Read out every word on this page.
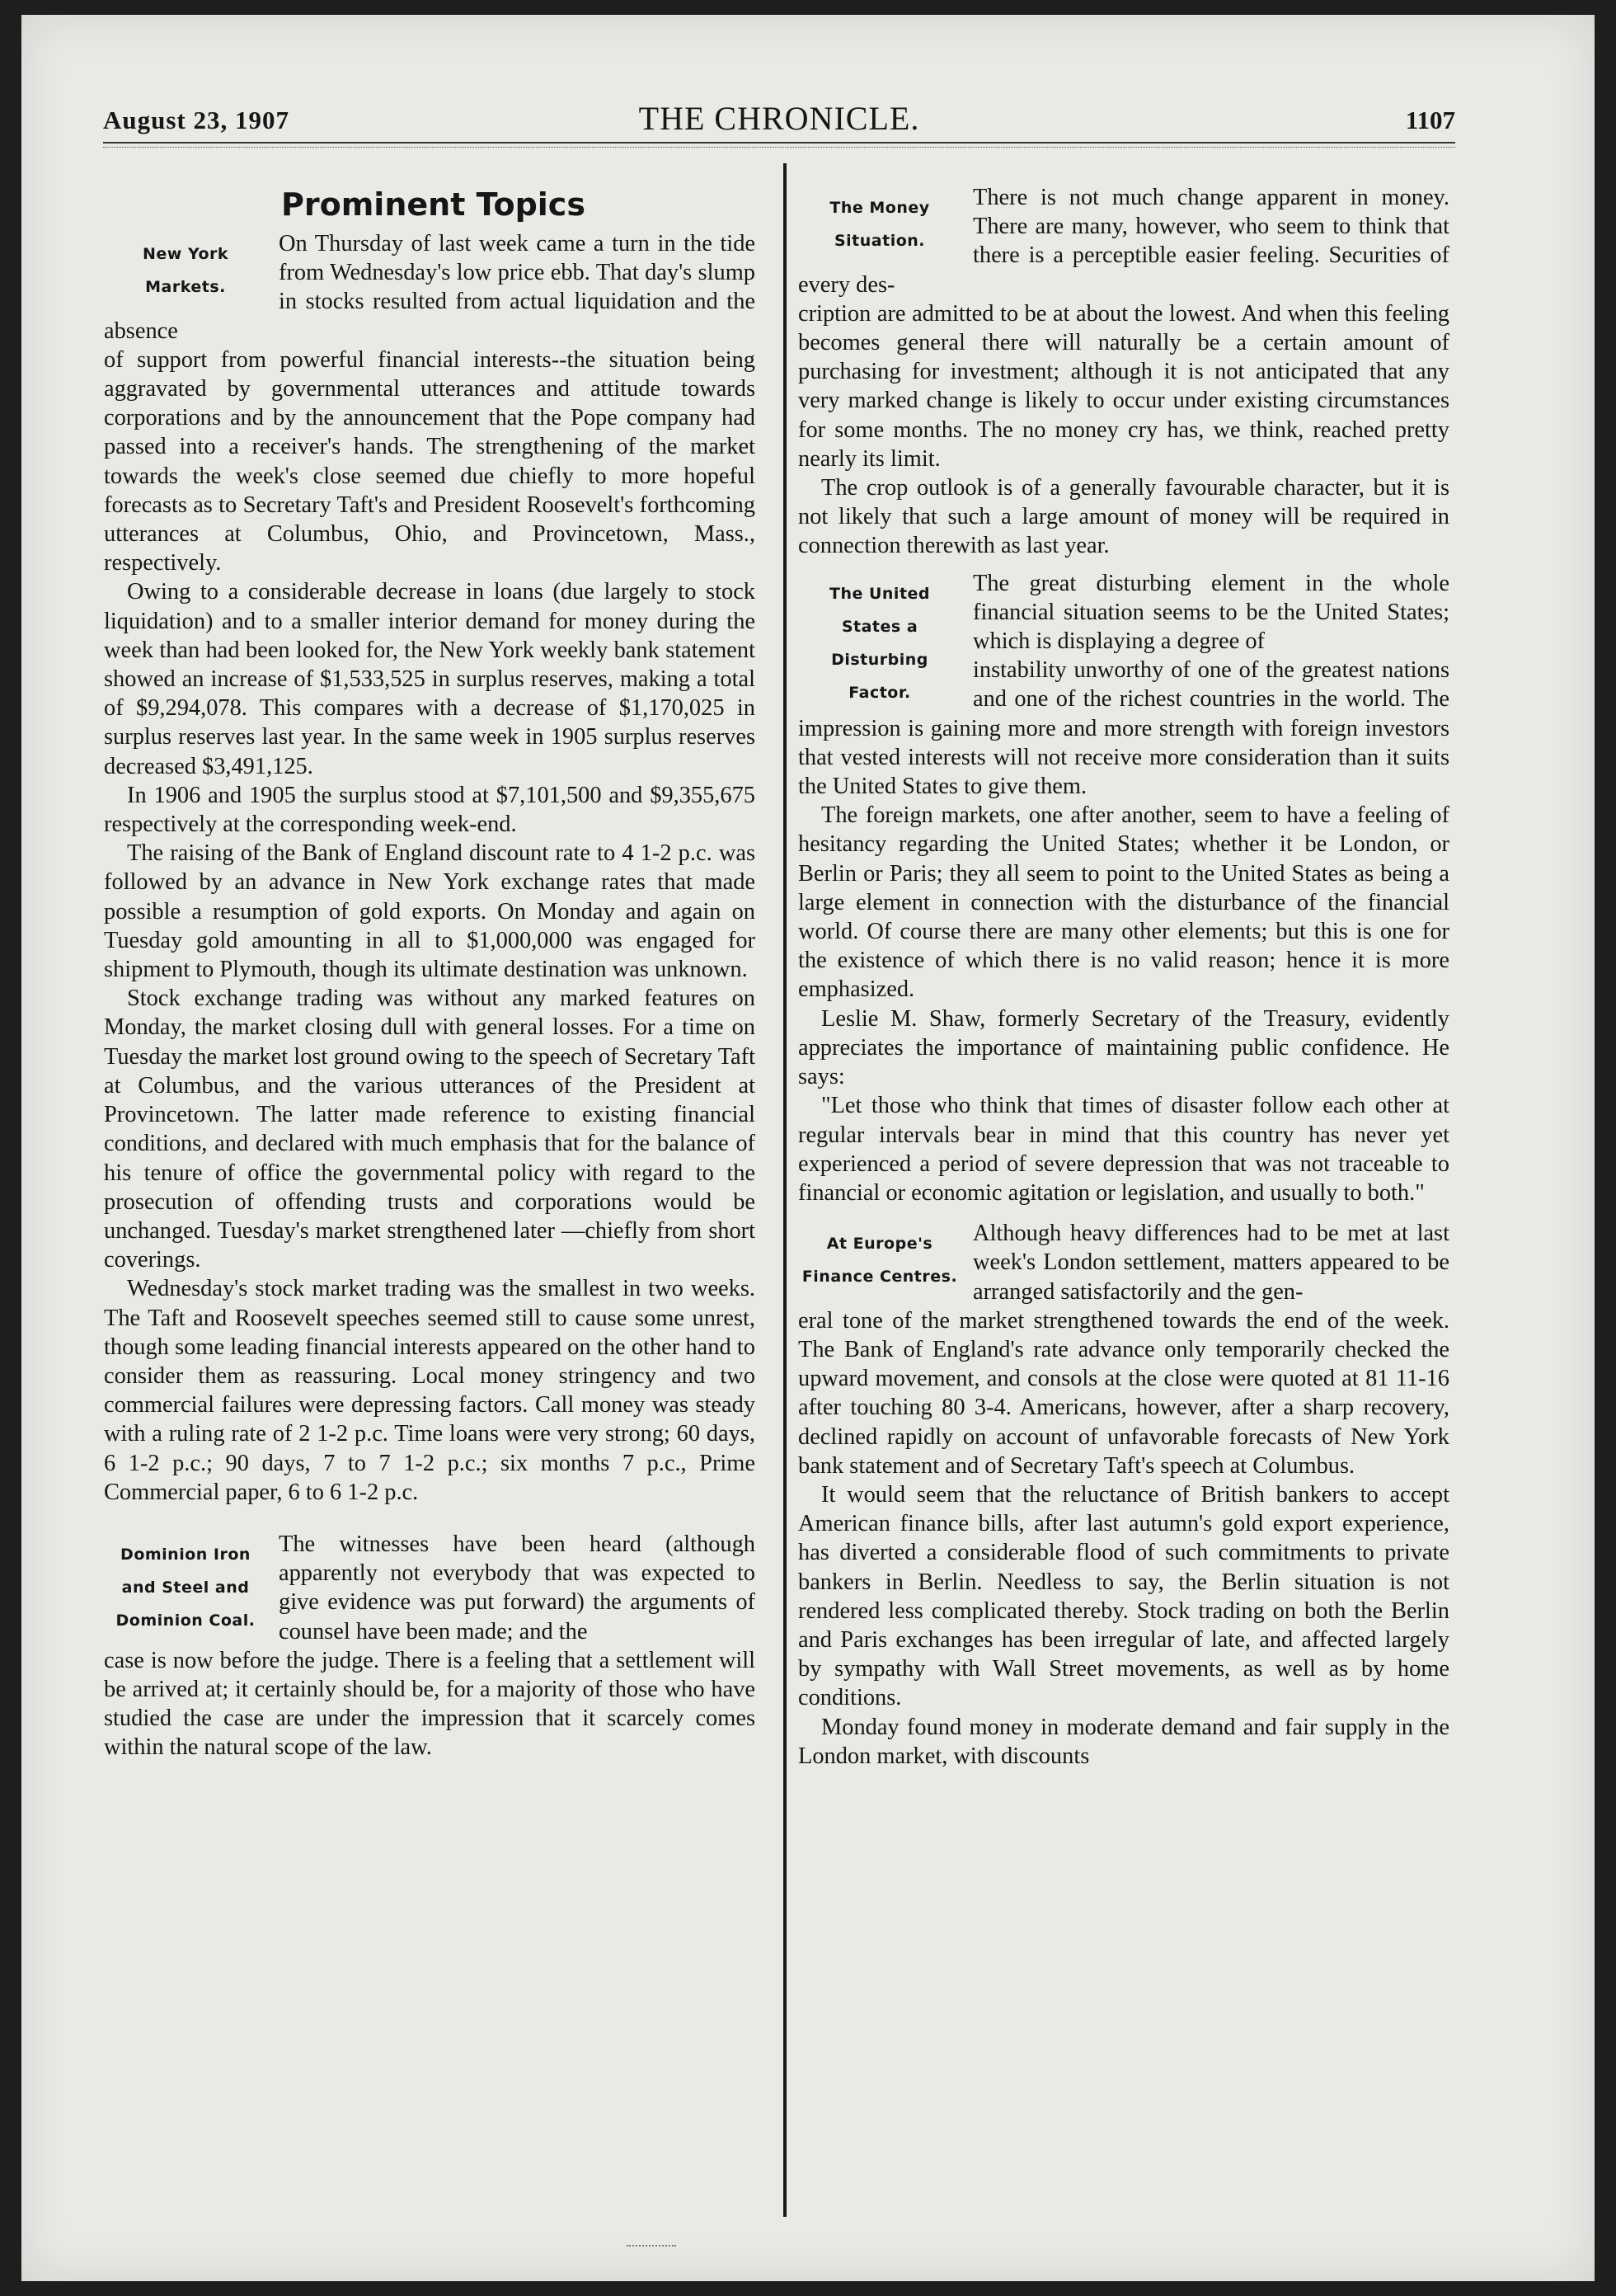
August 23, 1907	THE CHRONICLE.	1107
Prominent Topics
New York
Markets.

On Thursday of last week came a turn in the tide from Wednesday's low price ebb. That day's slump in stocks resulted from actual liquidation and the absence

of support from powerful financial interests--the situation being aggravated by governmental utterances and attitude towards corporations and by the announcement that the Pope company had passed into a receiver's hands. The strengthening of the market towards the week's close seemed due chiefly to more hopeful forecasts as to Secretary Taft's and President Roosevelt's forthcoming utterances at Columbus, Ohio, and Provincetown, Mass., respectively.

Owing to a considerable decrease in loans (due largely to stock liquidation) and to a smaller interior demand for money during the week than had been looked for, the New York weekly bank statement showed an increase of $1,533,525 in surplus reserves, making a total of $9,294,078. This compares with a decrease of $1,170,025 in surplus reserves last year. In the same week in 1905 surplus reserves decreased $3,491,125.

In 1906 and 1905 the surplus stood at $7,101,500 and $9,355,675 respectively at the corresponding week-end.

The raising of the Bank of England discount rate to 4 1-2 p.c. was followed by an advance in New York exchange rates that made possible a resumption of gold exports. On Monday and again on Tuesday gold amounting in all to $1,000,000 was engaged for shipment to Plymouth, though its ultimate destination was unknown.

Stock exchange trading was without any marked features on Monday, the market closing dull with general losses. For a time on Tuesday the market lost ground owing to the speech of Secretary Taft at Columbus, and the various utterances of the President at Provincetown. The latter made reference to existing financial conditions, and declared with much emphasis that for the balance of his tenure of office the governmental policy with regard to the prosecution of offending trusts and corporations would be unchanged. Tuesday's market strengthened later —chiefly from short coverings.

Wednesday's stock market trading was the smallest in two weeks. The Taft and Roosevelt speeches seemed still to cause some unrest, though some leading financial interests appeared on the other hand to consider them as reassuring. Local money stringency and two commercial failures were depressing factors. Call money was steady with a ruling rate of 2 1-2 p.c. Time loans were very strong; 60 days, 6 1-2 p.c.; 90 days, 7 to 7 1-2 p.c.; six months 7 p.c., Prime Commercial paper, 6 to 6 1-2 p.c.

Dominion Iron
and Steel and
Dominion Coal.

The witnesses have been heard (although apparently not everybody that was expected to give evidence was put forward) the arguments of counsel have been made; and the

case is now before the judge. There is a feeling that a settlement will be arrived at; it certainly should be, for a majority of those who have studied the case are under the impression that it scarcely comes within the natural scope of the law.

The Money
Situation.

There is not much change apparent in money. There are many, however, who seem to think that there is a perceptible easier feeling. Securities of every des-

cription are admitted to be at about the lowest. And when this feeling becomes general there will naturally be a certain amount of purchasing for investment; although it is not anticipated that any very marked change is likely to occur under existing circumstances for some months. The no money cry has, we think, reached pretty nearly its limit.

The crop outlook is of a generally favourable character, but it is not likely that such a large amount of money will be required in connection therewith as last year.

The United States a
Disturbing Factor.

The great disturbing element in the whole financial situation seems to be the United States; which is displaying a degree of

instability unworthy of one of the greatest nations and one of the richest countries in the world. The impression is gaining more and more strength with foreign investors that vested interests will not receive more consideration than it suits the United States to give them.

The foreign markets, one after another, seem to have a feeling of hesitancy regarding the United States; whether it be London, or Berlin or Paris; they all seem to point to the United States as being a large element in connection with the disturbance of the financial world. Of course there are many other elements; but this is one for the existence of which there is no valid reason; hence it is more emphasized.

Leslie M. Shaw, formerly Secretary of the Treasury, evidently appreciates the importance of maintaining public confidence. He says:

"Let those who think that times of disaster follow each other at regular intervals bear in mind that this country has never yet experienced a period of severe depression that was not traceable to financial or economic agitation or legislation, and usually to both."

At Europe's
Finance Centres.

Although heavy differences had to be met at last week's London settlement, matters appeared to be arranged satisfactorily and the gen-

eral tone of the market strengthened towards the end of the week. The Bank of England's rate advance only temporarily checked the upward movement, and consols at the close were quoted at 81 11-16 after touching 80 3-4. Americans, however, after a sharp recovery, declined rapidly on account of unfavorable forecasts of New York bank statement and of Secretary Taft's speech at Columbus.

It would seem that the reluctance of British bankers to accept American finance bills, after last autumn's gold export experience, has diverted a considerable flood of such commitments to private bankers in Berlin. Needless to say, the Berlin situation is not rendered less complicated thereby. Stock trading on both the Berlin and Paris exchanges has been irregular of late, and affected largely by sympathy with Wall Street movements, as well as by home conditions.

Monday found money in moderate demand and fair supply in the London market, with discounts
